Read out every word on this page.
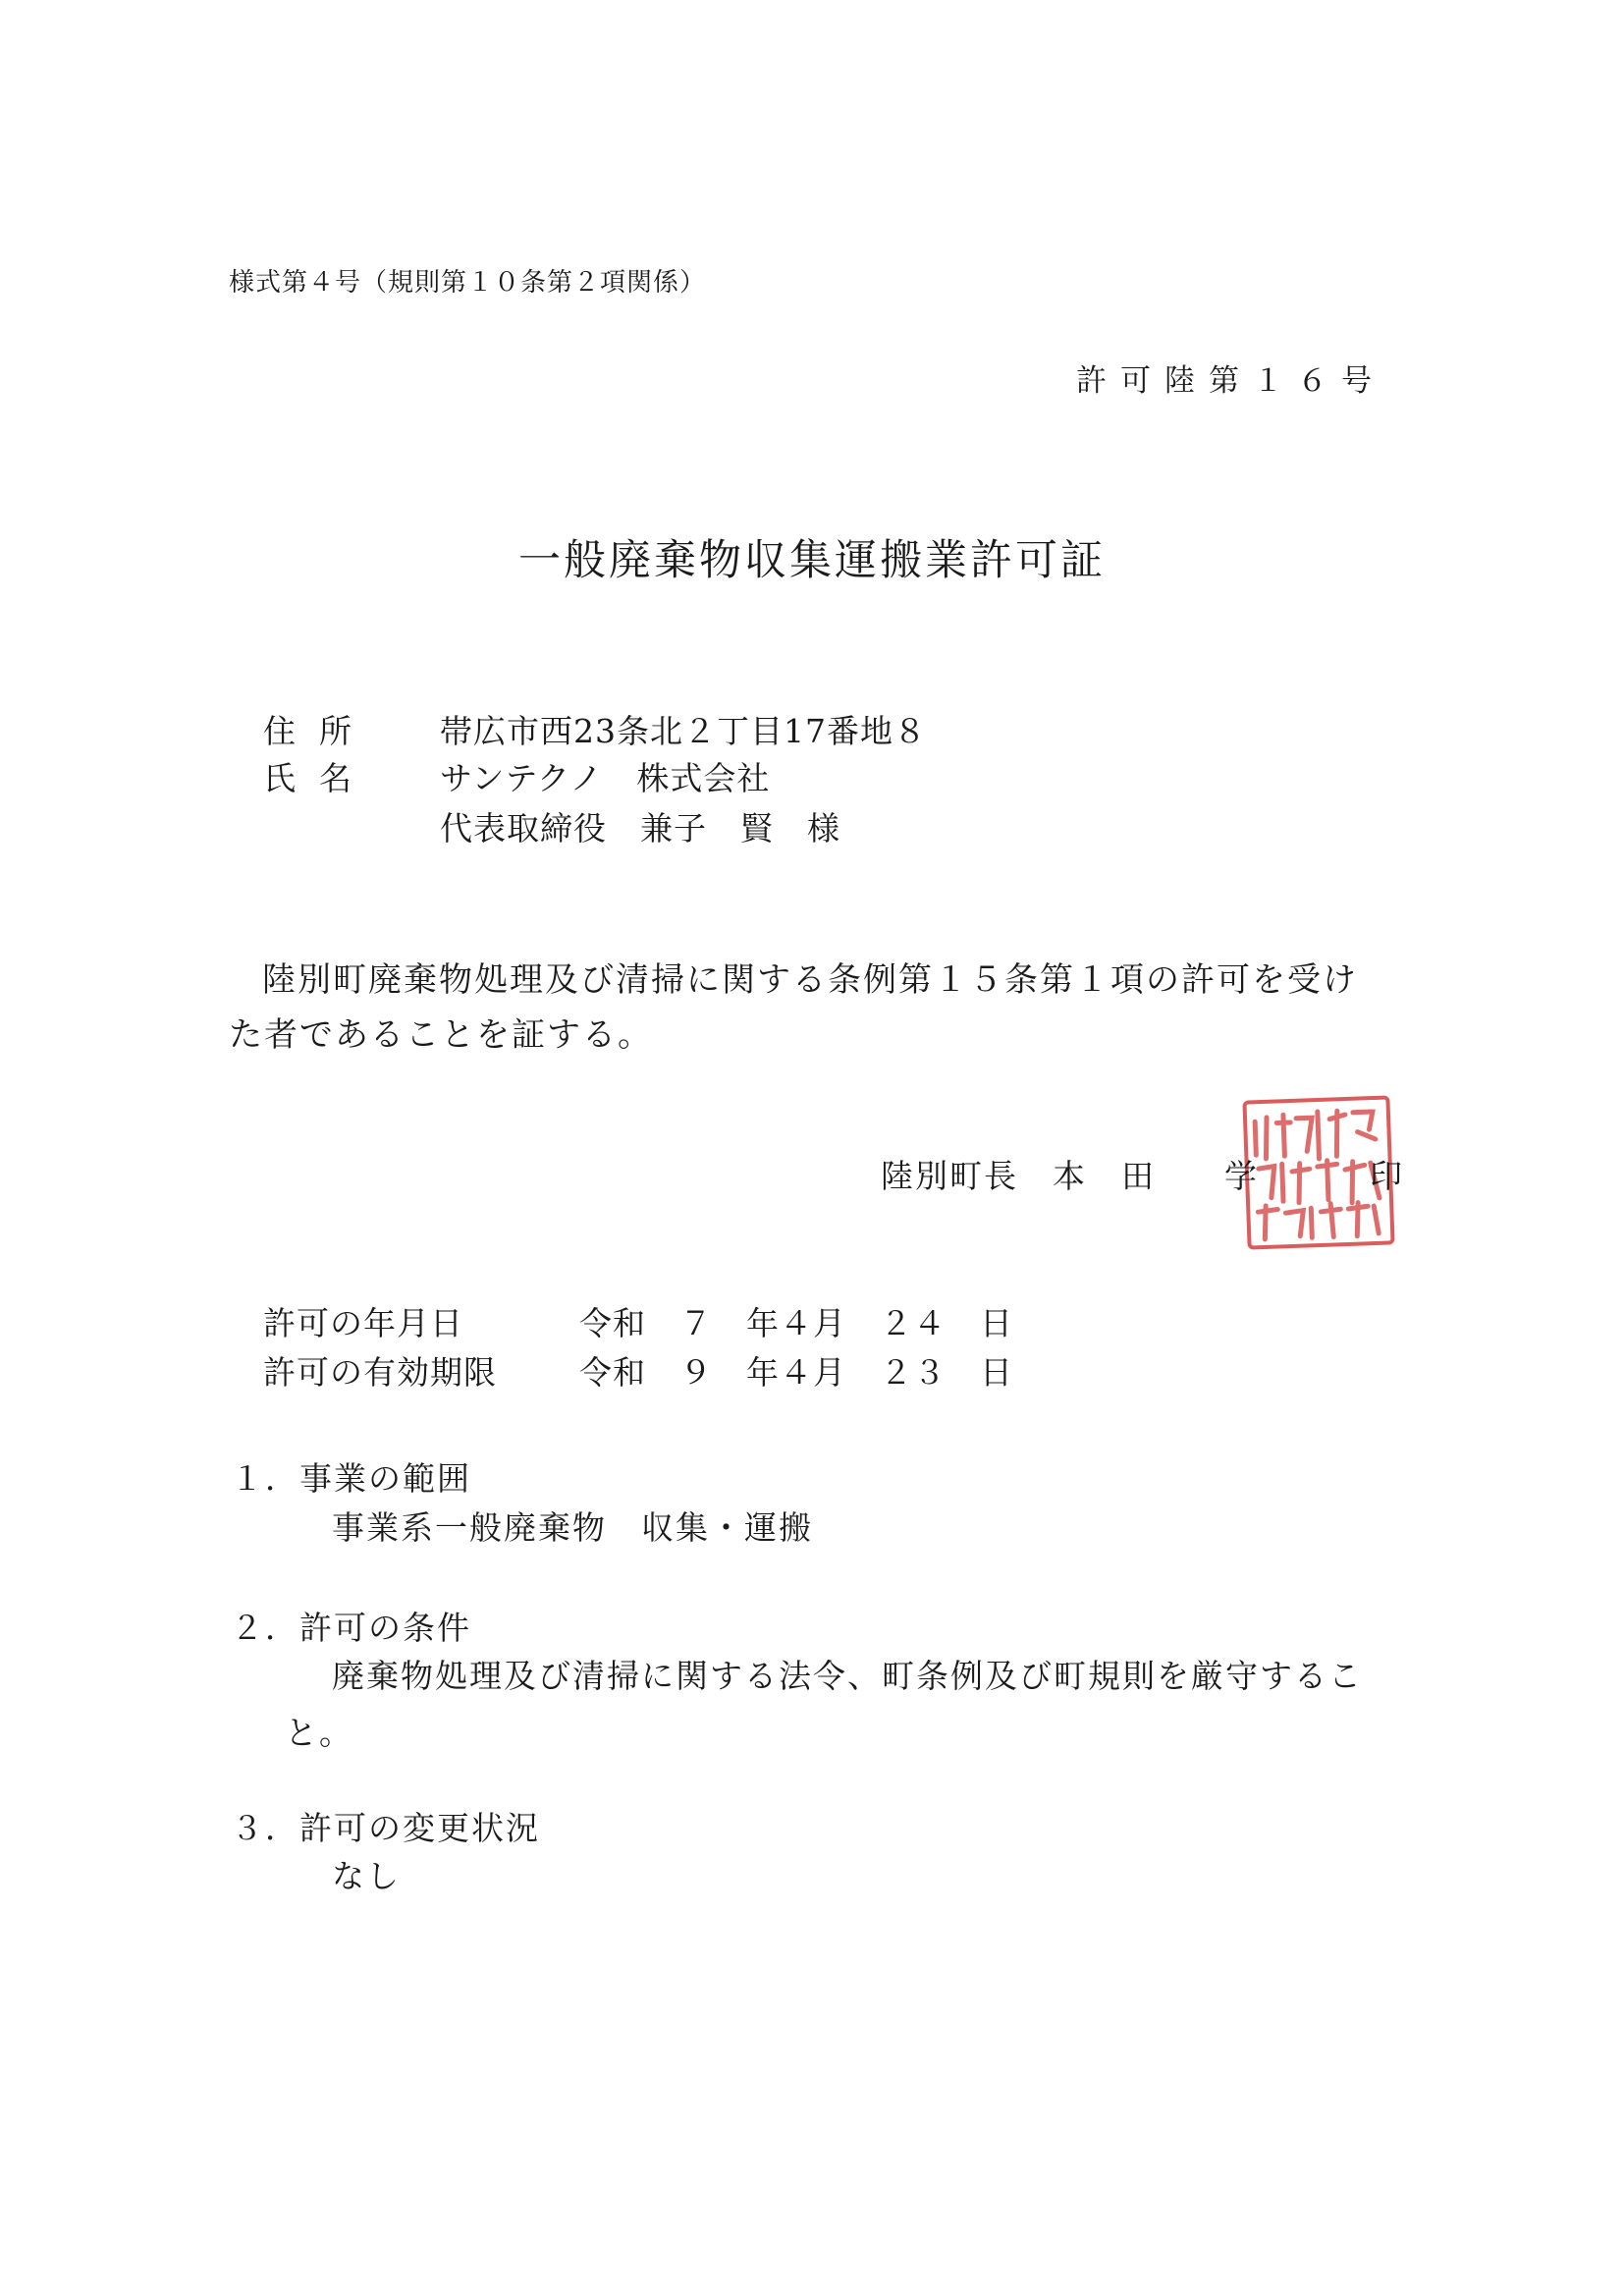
様式第４号（規則第１０条第２項関係）
許可陸第１６号
一般廃棄物収集運搬業許可証
住所 帯広市西23条北２丁目17番地８
氏名 サンテクノ　株式会社
代表取締役　兼子　賢　様
陸別町廃棄物処理及び清掃に関する条例第１５条第１項の許可を受けた者であることを証する。
陸別町長　本　田　　学	印
許可の年月日	令和　７　年４月　２４　日
許可の有効期限	令和　９　年４月　２３　日
１．事業の範囲
事業系一般廃棄物　収集・運搬
２．許可の条件
廃棄物処理及び清掃に関する法令、町条例及び町規則を厳守すること。
３．許可の変更状況
なし
